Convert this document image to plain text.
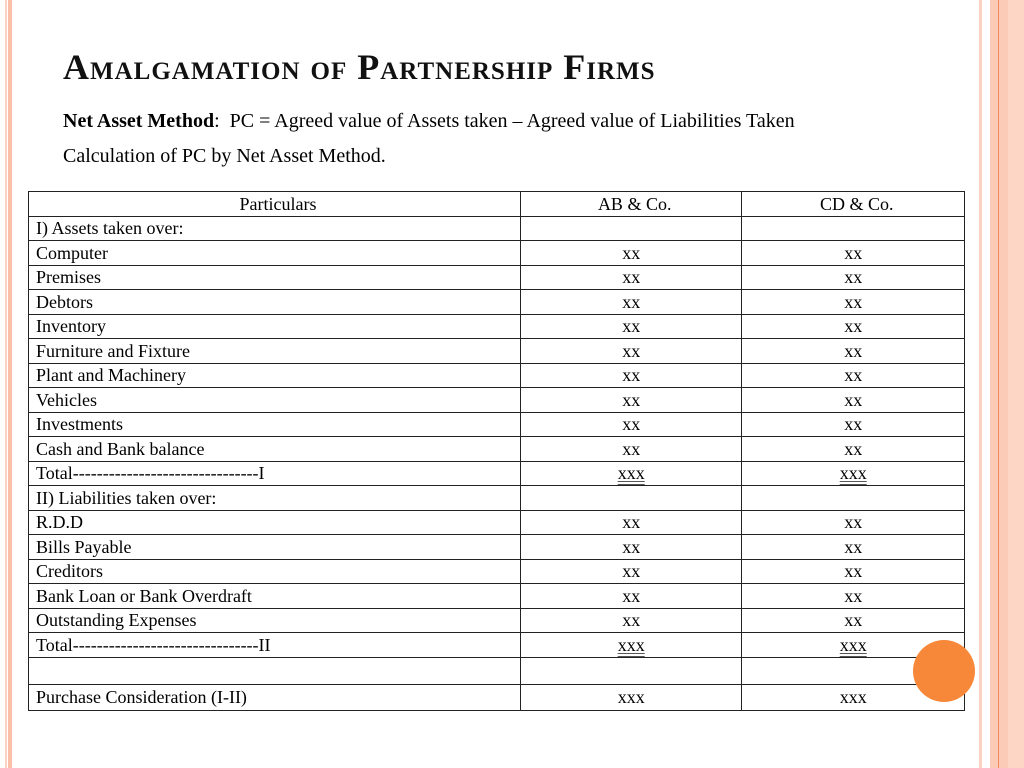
Amalgamation of Partnership Firms
Net Asset Method:  PC = Agreed value of Assets taken – Agreed value of Liabilities Taken
Calculation of PC by Net Asset Method.
Particulars	AB & Co.	CD & Co.
I) Assets taken over:		
Computer	xx	xx
Premises	xx	xx
Debtors	xx	xx
Inventory	xx	xx
Furniture and Fixture	xx	xx
Plant and Machinery	xx	xx
Vehicles	xx	xx
Investments	xx	xx
Cash and Bank balance	xx	xx
Total-------------------------------I	xxx	xxx
II) Liabilities taken over:		
R.D.D	xx	xx
Bills Payable	xx	xx
Creditors	xx	xx
Bank Loan or Bank Overdraft	xx	xx
Outstanding Expenses	xx	xx
Total-------------------------------II	xxx	xxx

Purchase Consideration (I-II)	xxx	xxx
